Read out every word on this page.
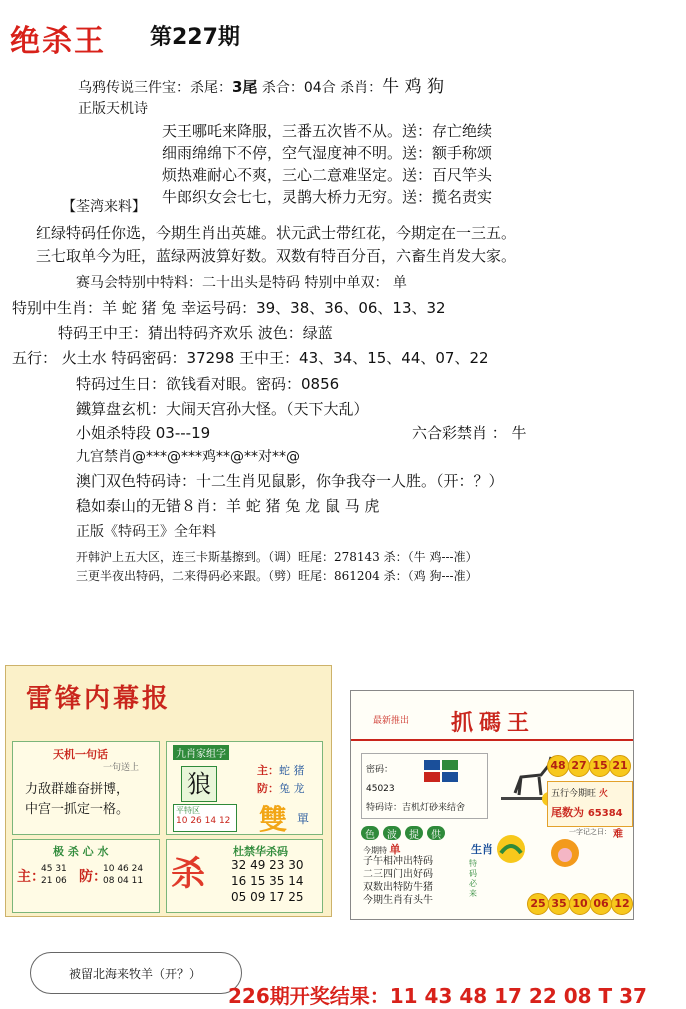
绝杀王 第227期
乌鸦传说三件宝：杀尾：3尾 杀合：04合 杀肖：牛 鸡 狗
正版天机诗
天王哪吒来降服，三番五次皆不从。送：存亡绝续
细雨绵绵下不停，空气湿度神不明。送：额手称颂
烦热难耐心不爽，三心二意难坚定。送：百尺竿头
牛郎织女会七七，灵鹊大桥力无穷。送：揽名责实
【荃湾来料】
红绿特码任你选，今期生肖出英雄。状元武士带红花，今期定在一三五。
三七取单今为旺，蓝绿两波算好数。双数有特百分百，六畜生肖发大家。
赛马会特别中特料：二十出头是特码 特别中单双： 单
特别中生肖：羊 蛇 猪 兔 幸运号码：39、38、36、06、13、32
特码王中王：猜出特码齐欢乐 波色：绿蓝
五行： 火土水 特码密码：37298 王中王：43、34、15、44、07、22
特码过生日：欲钱看对眼。密码：0856
鐵算盘玄机：大闹天宫孙大怪。（天下大乱）
小姐杀特段 03---19	六合彩禁肖 ： 牛
九宫禁肖@***@***鸡**@**对**@
澳门双色特码诗：十二生肖见鼠影，你争我夺一人胜。（开：？）
稳如泰山的无错８肖：羊 蛇 猪 兔 龙 鼠 马 虎
正版《特码王》全年料
开韩沪上五大区，连三卡斯基擦到。（调）旺尾：278143 杀：（牛 鸡---准）
三更半夜出特码，二来得码必来跟。（劈）旺尾：861204 杀：（鸡 狗---准）
雷锋内幕报
天机一句话
一句送上
力敌群雄奋拼博，
中宫一抓定一格。
九肖家组字
狼	主：蛇 猪
防：兔 龙
平特区
10 26 14 12 雙 單
极 杀 心 水
主：
45 31
21 06 防：
10 46 24
08 04 11 杀
杜禁华杀码
32 49 23 30
16 15 35 14
05 09 17 25
最新推出 抓碼王
密码：
45023
特码诗：吉机灯砂来结舍
48 27 15 21
五行今期旺 火
尾数为 65384
色 波 提 供
今期特 单	生肖
子午相冲出特码
二三四门出好码
双数出特防牛猪
今期生肖有头牛
特码必来
一字记之曰： 难
25 35 10 06 12
被留北海来牧羊（开？）
226期开奖结果：11 43 48 17 22 08 T 37
